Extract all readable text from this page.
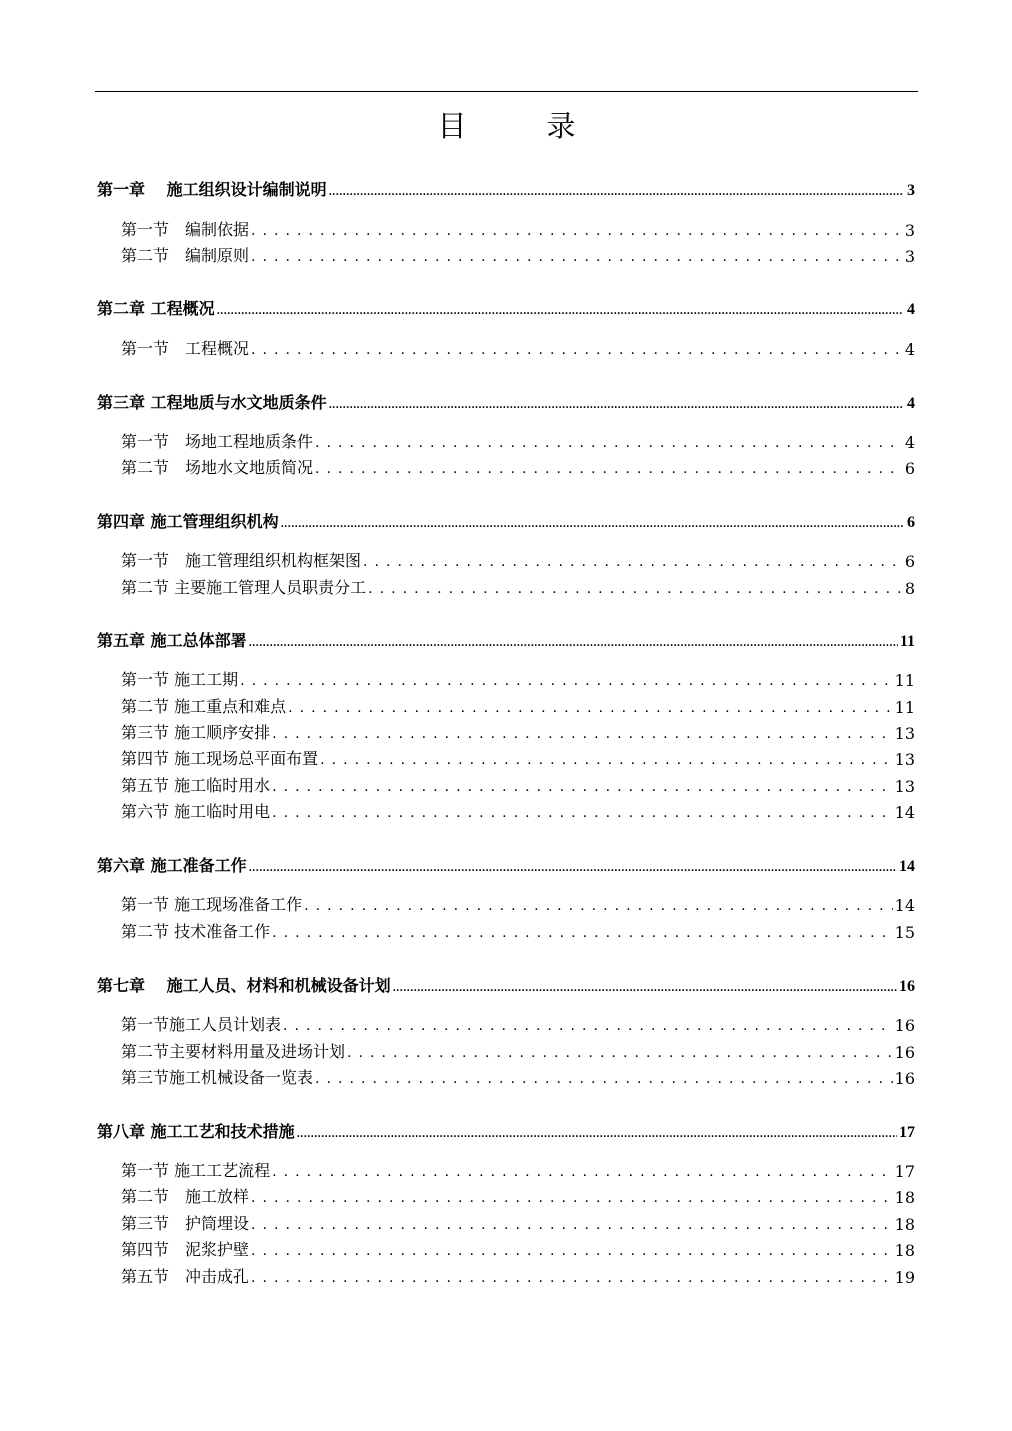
目	录
第一章　 施工组织设计编制说明 .....	3
第一节　编制依据 . . .	3
第二节　编制原则 . . .	3
第二章 工程概况 .....	4
第一节　工程概况 . . .	4
第三章 工程地质与水文地质条件 .....	4
第一节　场地工程地质条件 . . .	4
第二节　场地水文地质简况 . . .	6
第四章 施工管理组织机构 .....	6
第一节　施工管理组织机构框架图 . . .	6
第二节 主要施工管理人员职责分工 . . .	8
第五章 施工总体部署 .....	11
第一节 施工工期 . . .	11
第二节 施工重点和难点 . . .	11
第三节 施工顺序安排 . . .	13
第四节 施工现场总平面布置 . . .	13
第五节 施工临时用水 . . .	13
第六节 施工临时用电 . . .	14
第六章 施工准备工作 .....	14
第一节 施工现场准备工作 . . .	14
第二节 技术准备工作 . . .	15
第七章　 施工人员、材料和机械设备计划 .....	16
第一节施工人员计划表 . . .	16
第二节主要材料用量及进场计划 . . .	16
第三节施工机械设备一览表 . . .	16
第八章 施工工艺和技术措施 .....	17
第一节 施工工艺流程 . . .	17
第二节　施工放样 . . .	18
第三节　护筒埋设 . . .	18
第四节　泥浆护壁 . . .	18
第五节　冲击成孔 . . .	19
